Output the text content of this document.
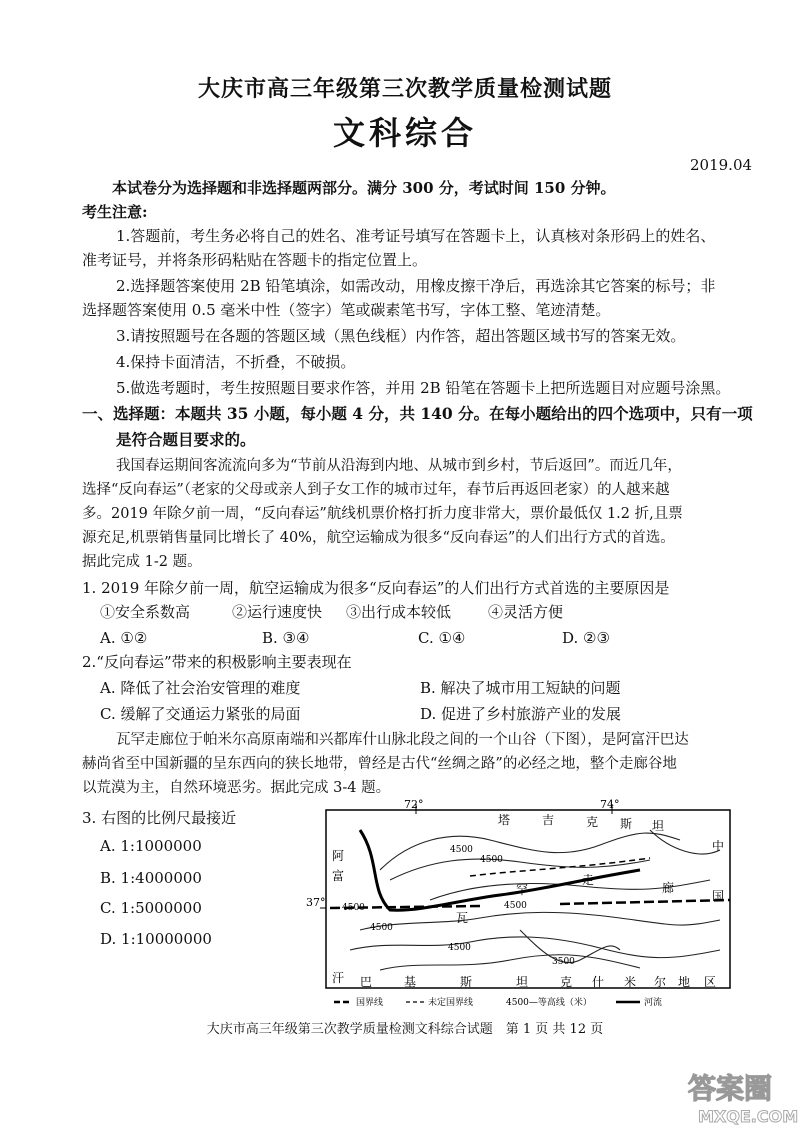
大庆市高三年级第三次教学质量检测试题
文科综合
2019.04
本试卷分为选择题和非选择题两部分。满分 300 分，考试时间 150 分钟。
考生注意:
1.答题前，考生务必将自己的姓名、准考证号填写在答题卡上，认真核对条形码上的姓名、
准考证号，并将条形码粘贴在答题卡的指定位置上。
2.选择题答案使用 2B 铅笔填涂，如需改动，用橡皮擦干净后，再选涂其它答案的标号；非
选择题答案使用 0.5 毫米中性（签字）笔或碳素笔书写，字体工整、笔迹清楚。
3.请按照题号在各题的答题区域（黑色线框）内作答，超出答题区域书写的答案无效。
4.保持卡面清洁，不折叠，不破损。
5.做选考题时，考生按照题目要求作答，并用 2B 铅笔在答题卡上把所选题目对应题号涂黑。
一、选择题：本题共 35 小题，每小题 4 分，共 140 分。在每小题给出的四个选项中，只有一项
是符合题目要求的。
我国春运期间客流流向多为“节前从沿海到内地、从城市到乡村，节后返回”。而近几年，
选择“反向春运”（老家的父母或亲人到子女工作的城市过年，春节后再返回老家）的人越来越
多。2019 年除夕前一周，“反向春运”航线机票价格打折力度非常大，票价最低仅 1.2 折,且票
源充足,机票销售量同比增长了 40%，航空运输成为很多“反向春运”的人们出行方式的首选。
据此完成 1-2 题。
1. 2019 年除夕前一周，航空运输成为很多“反向春运”的人们出行方式首选的主要原因是
①安全系数高	②运行速度快 ③出行成本较低 ④灵活方便
A. ①②	B. ③④	C. ①④	D. ②③
2.“反向春运”带来的积极影响主要表现在
A. 降低了社会治安管理的难度	B. 解决了城市用工短缺的问题
C. 缓解了交通运力紧张的局面	D. 促进了乡村旅游产业的发展
瓦罕走廊位于帕米尔高原南端和兴都库什山脉北段之间的一个山谷（下图），是阿富汗巴达
赫尚省至中国新疆的呈东西向的狭长地带，曾经是古代“丝绸之路”的必经之地，整个走廊谷地
以荒漠为主，自然环境恶劣。据此完成 3-4 题。
3. 右图的比例尺最接近
A. 1:1000000
B. 1:4000000
C. 1:5000000
D. 1:10000000
72°	74°
37°
塔	吉	克 斯 坦
阿
富
中
国
瓦
罕
走
廊
汗 巴	基	斯	坦	克 什 米 尔 地 区
4500
4500
4500
4500
4500
4500
3500
国界线	未定国界线	4500—等高线（米）	河流
大庆市高三年级第三次教学质量检测文科综合试题　第 1 页 共 12 页
答案圈
MXQE.COM
